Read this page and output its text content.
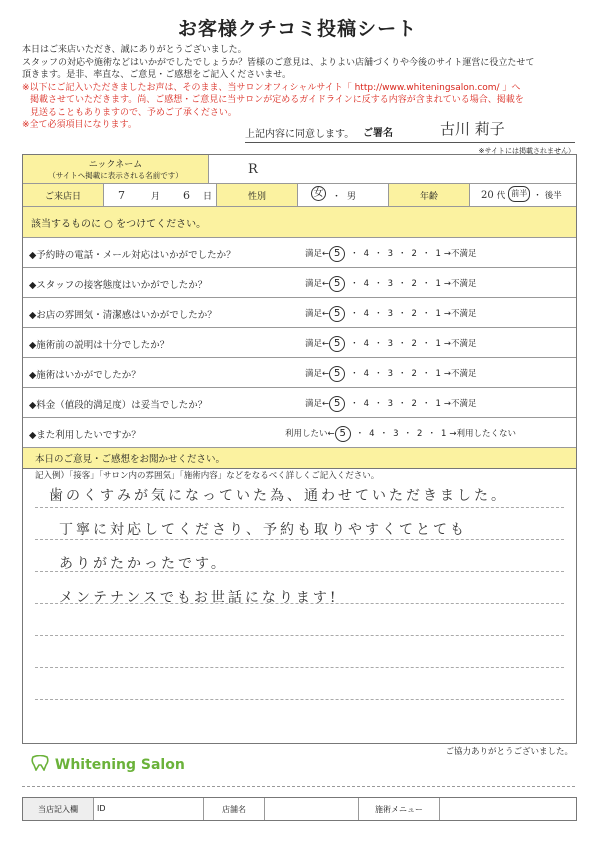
お客様クチコミ投稿シート
本日はご来店いただき、誠にありがとうございました。
スタッフの対応や施術などはいかがでしたでしょうか？皆様のご意見は、よりよい店舗づくりや今後のサイト運営に役立たせて
頂きます。是非、率直な、ご意見・ご感想をご記入くださいませ。
※以下にご記入いただきましたお声は、そのまま、当サロンオフィシャルサイト「 http://www.whiteningsalon.com/ 」へ
掲載させていただきます。尚、ご感想・ご意見に当サロンが定めるガイドラインに反する内容が含まれている場合、掲載を
見送ることもありますので、予めご了承ください。
※全て必須項目になります。
上記内容に同意します。 ご署名	古川 莉子
※サイトには掲載されません）
ニックネーム
（サイトへ掲載に表示される名前です）	R
ご来店日	7	月 6 日	性別	女 ・ 男	年齢	20 代 前半 ・ 後半
該当するものに ○ をつけてください。
◆予約時の電話・メール対応はいかがでしたか？	満足← 5 ・ 4 ・ 3 ・ 2 ・ 1 →不満足
◆スタッフの接客態度はいかがでしたか？	満足← 5 ・ 4 ・ 3 ・ 2 ・ 1 →不満足
◆お店の雰囲気・清潔感はいかがでしたか？	満足← 5 ・ 4 ・ 3 ・ 2 ・ 1 →不満足
◆施術前の説明は十分でしたか？	満足← 5 ・ 4 ・ 3 ・ 2 ・ 1 →不満足
◆施術はいかがでしたか？	満足← 5 ・ 4 ・ 3 ・ 2 ・ 1 →不満足
◆料金（値段的満足度）は妥当でしたか？	満足← 5 ・ 4 ・ 3 ・ 2 ・ 1 →不満足
◆また利用したいですか？	利用したい← 5 ・ 4 ・ 3 ・ 2 ・ 1 →利用したくない
本日のご意見・ご感想をお聞かせください。
記入例）「接客」「サロン内の雰囲気」「施術内容」などをなるべく詳しくご記入ください。
歯のくすみが気になっていた為、通わせていただきました。
丁寧に対応してくださり、予約も取りやすくてとても
ありがたかったです。
メンテナンスでもお世話になります!
ご協力ありがとうございました。
Whitening Salon
当店記入欄	ID	店舗名	施術メニュー
